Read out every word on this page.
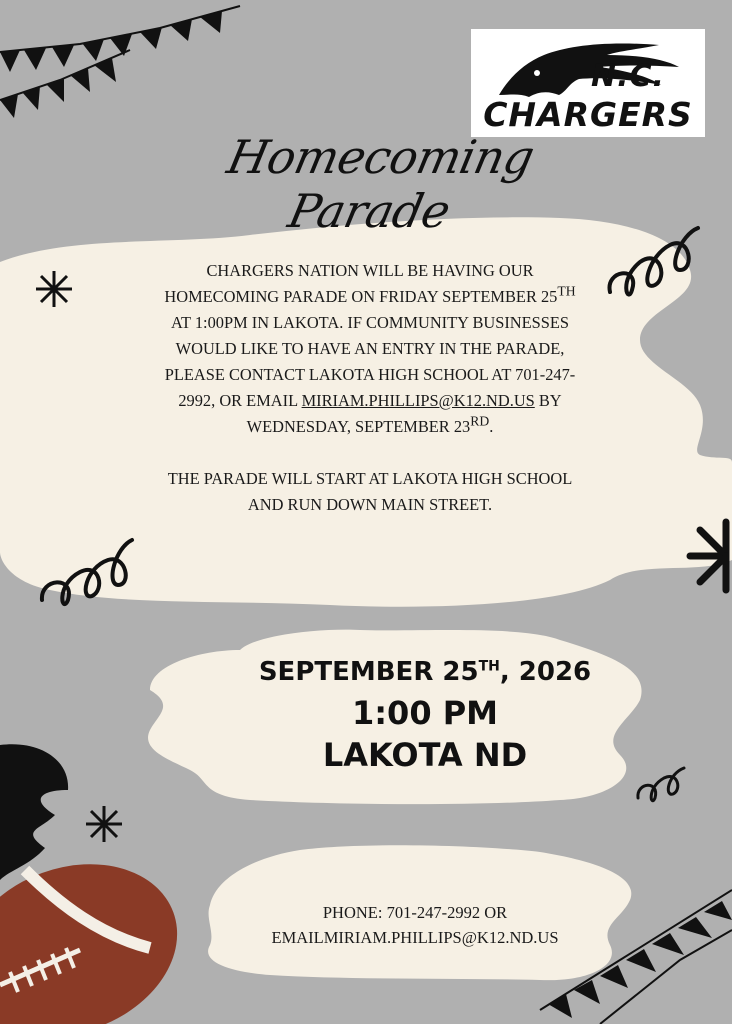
N.C.
CHARGERS
Homecoming Parade

CHARGERS NATION WILL BE HAVING OUR HOMECOMING PARADE ON FRIDAY SEPTEMBER 25TH AT 1:00PM IN LAKOTA. IF COMMUNITY BUSINESSES WOULD LIKE TO HAVE AN ENTRY IN THE PARADE, PLEASE CONTACT LAKOTA HIGH SCHOOL AT 701-247-2992, OR EMAIL MIRIAM.PHILLIPS@K12.ND.US BY WEDNESDAY, SEPTEMBER 23RD.

THE PARADE WILL START AT LAKOTA HIGH SCHOOL AND RUN DOWN MAIN STREET.

SEPTEMBER 25TH, 2026
1:00 PM
LAKOTA ND
PHONE: 701-247-2992 OR
EMAILMIRIAM.PHILLIPS@K12.ND.US
